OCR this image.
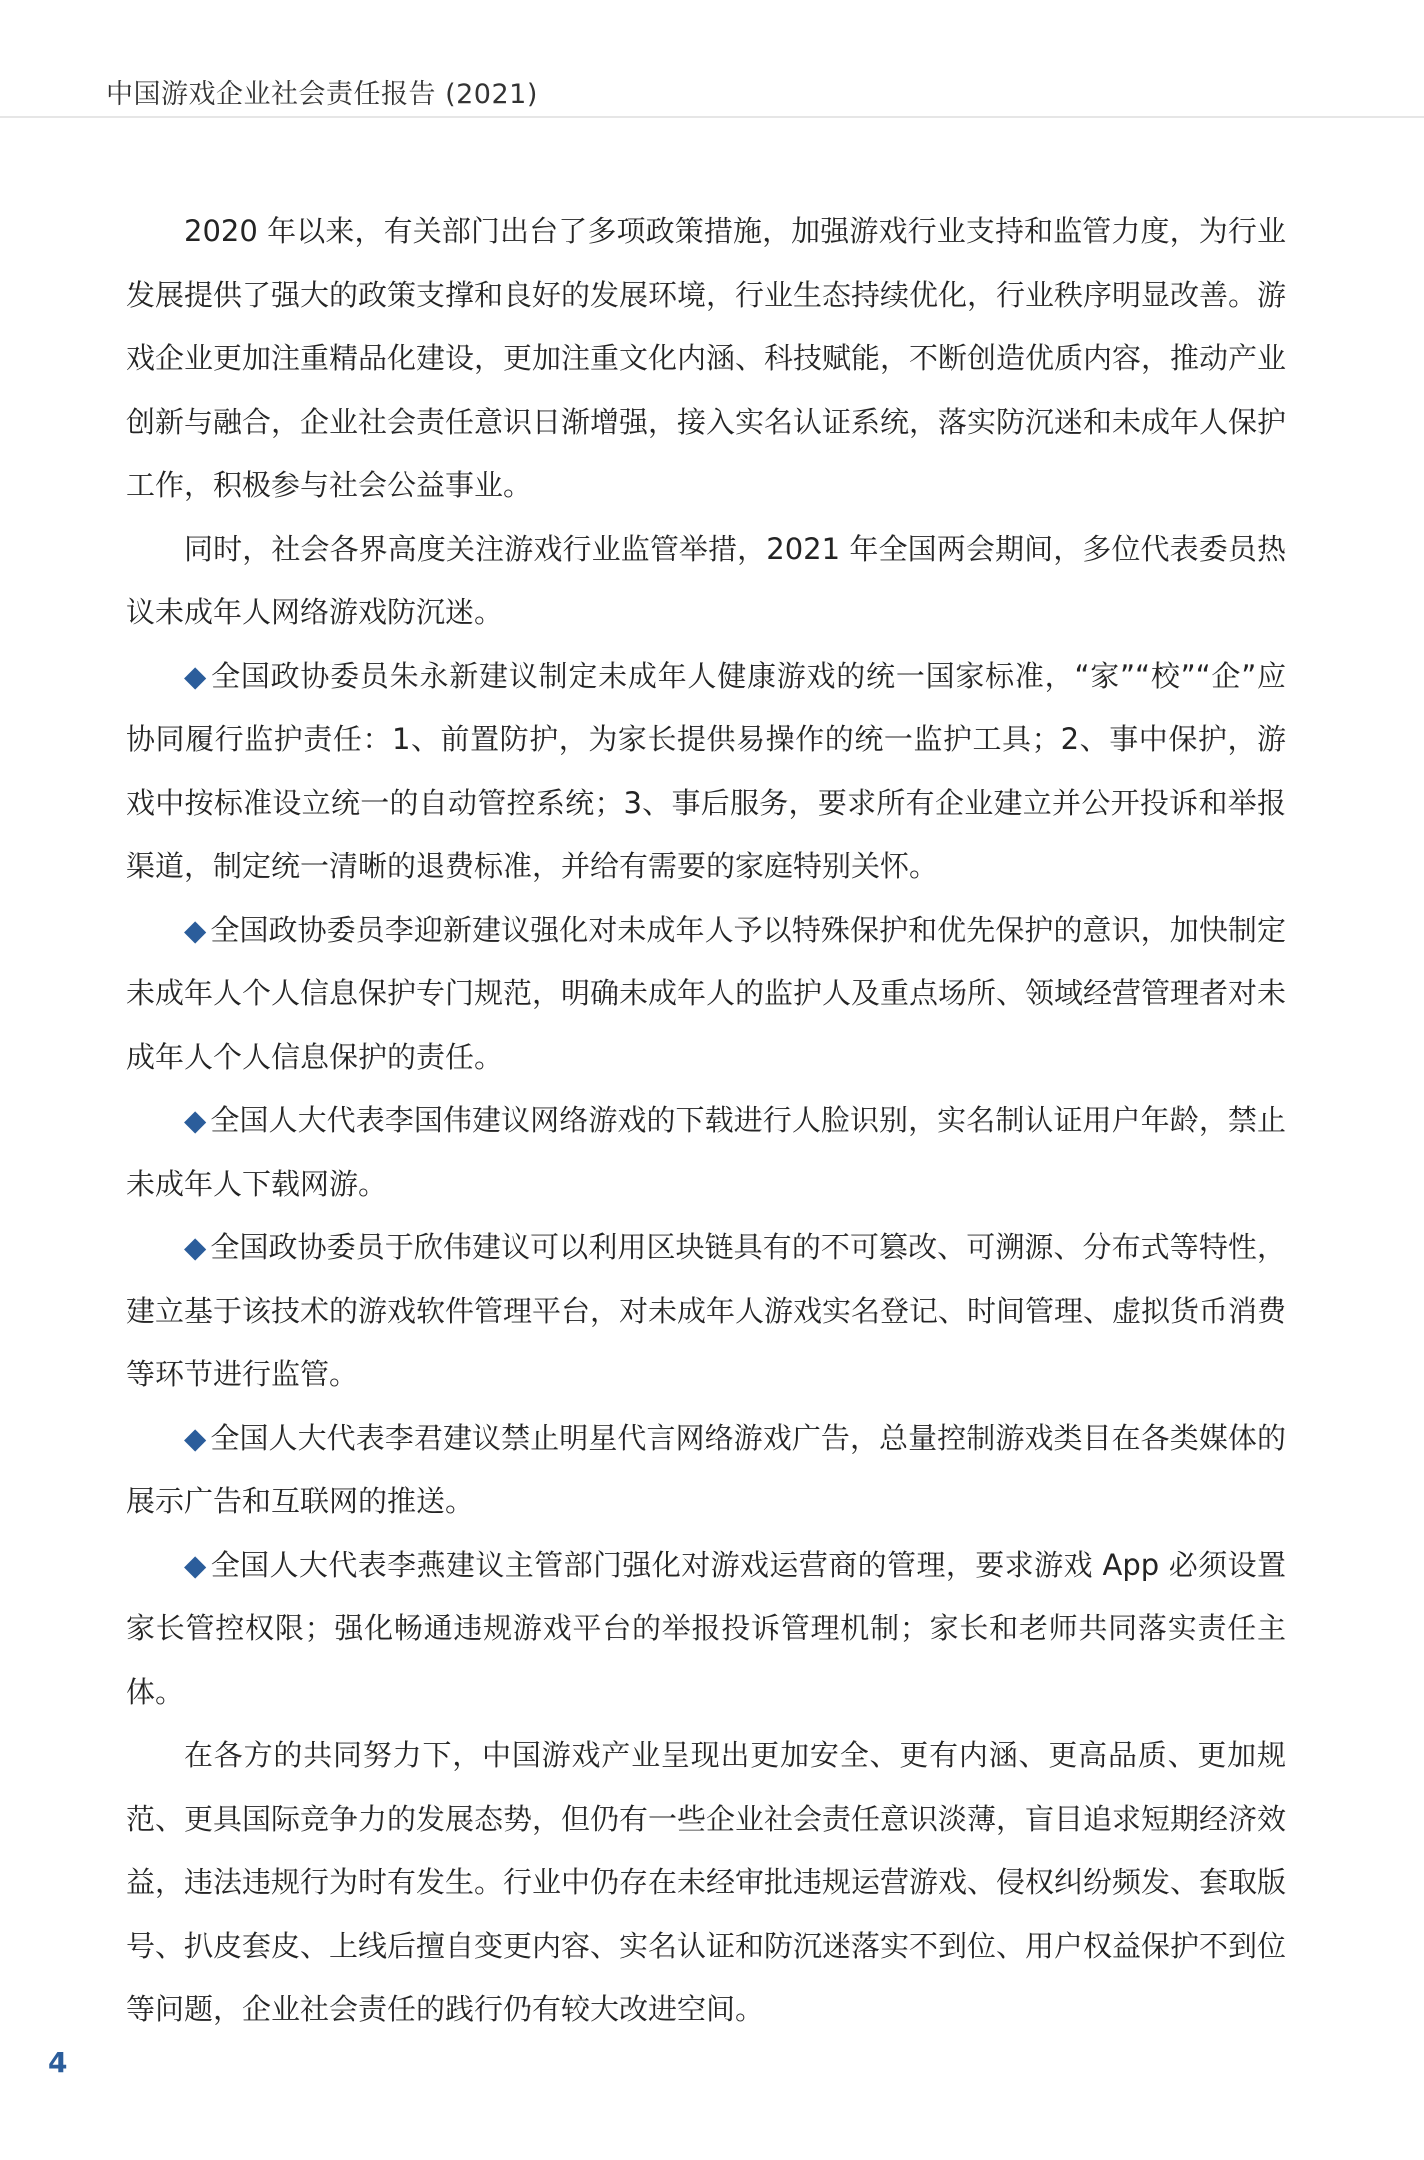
中国游戏企业社会责任报告 (2021)

2020 年以来，有关部门出台了多项政策措施，加强游戏行业支持和监管力度，为行业发展提供了强大的政策支撑和良好的发展环境，行业生态持续优化，行业秩序明显改善。游戏企业更加注重精品化建设，更加注重文化内涵、科技赋能，不断创造优质内容，推动产业创新与融合，企业社会责任意识日渐增强，接入实名认证系统，落实防沉迷和未成年人保护工作，积极参与社会公益事业。

同时，社会各界高度关注游戏行业监管举措，2021 年全国两会期间，多位代表委员热议未成年人网络游戏防沉迷。

◆ 全国政协委员朱永新建议制定未成年人健康游戏的统一国家标准，“家”“校”“企”应协同履行监护责任：1、前置防护，为家长提供易操作的统一监护工具；2、事中保护，游戏中按标准设立统一的自动管控系统；3、事后服务，要求所有企业建立并公开投诉和举报渠道，制定统一清晰的退费标准，并给有需要的家庭特别关怀。

◆ 全国政协委员李迎新建议强化对未成年人予以特殊保护和优先保护的意识，加快制定未成年人个人信息保护专门规范，明确未成年人的监护人及重点场所、领域经营管理者对未成年人个人信息保护的责任。

◆ 全国人大代表李国伟建议网络游戏的下载进行人脸识别，实名制认证用户年龄，禁止未成年人下载网游。

◆ 全国政协委员于欣伟建议可以利用区块链具有的不可篡改、可溯源、分布式等特性，建立基于该技术的游戏软件管理平台，对未成年人游戏实名登记、时间管理、虚拟货币消费等环节进行监管。

◆ 全国人大代表李君建议禁止明星代言网络游戏广告，总量控制游戏类目在各类媒体的展示广告和互联网的推送。

◆ 全国人大代表李燕建议主管部门强化对游戏运营商的管理，要求游戏 App 必须设置家长管控权限；强化畅通违规游戏平台的举报投诉管理机制；家长和老师共同落实责任主体。

在各方的共同努力下，中国游戏产业呈现出更加安全、更有内涵、更高品质、更加规范、更具国际竞争力的发展态势，但仍有一些企业社会责任意识淡薄，盲目追求短期经济效益，违法违规行为时有发生。行业中仍存在未经审批违规运营游戏、侵权纠纷频发、套取版号、扒皮套皮、上线后擅自变更内容、实名认证和防沉迷落实不到位、用户权益保护不到位等问题，企业社会责任的践行仍有较大改进空间。

4
